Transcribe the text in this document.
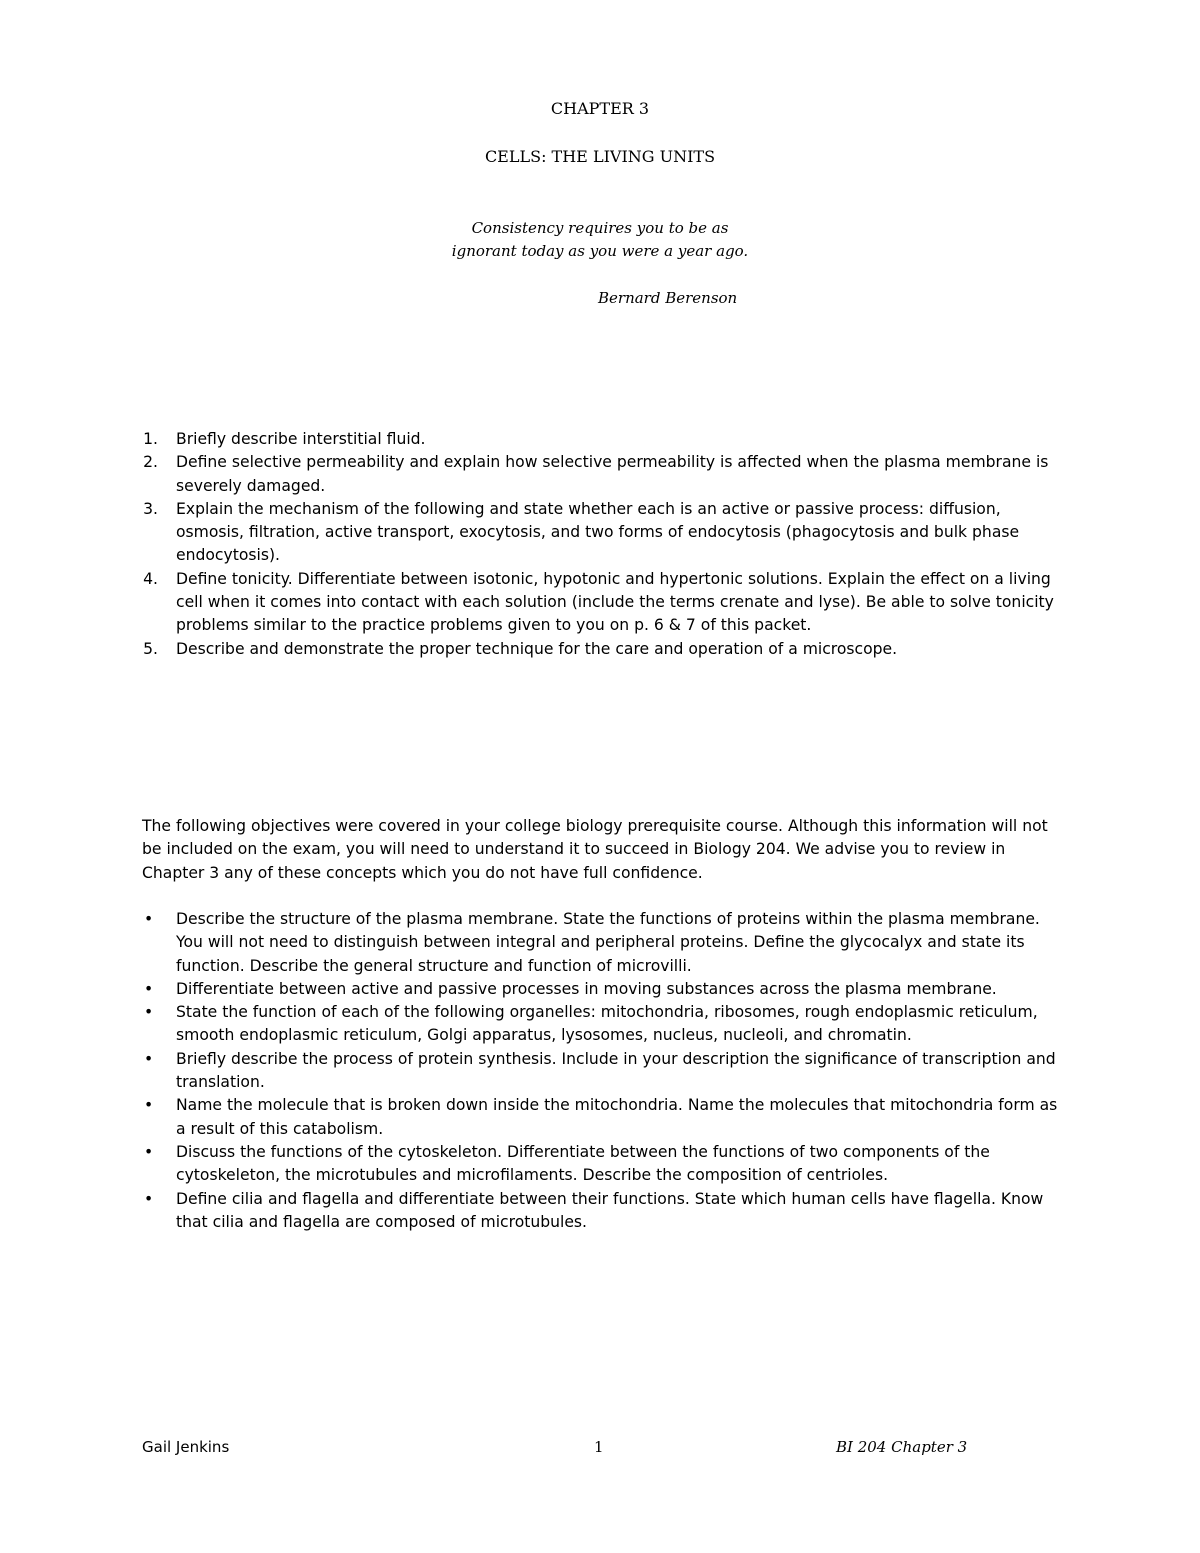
CHAPTER 3
CELLS: THE LIVING UNITS
Consistency requires you to be as
ignorant today as you were a year ago.
Bernard Berenson
1. Briefly describe interstitial fluid.
2. Define selective permeability and explain how selective permeability is affected when the plasma membrane is severely damaged.
3. Explain the mechanism of the following and state whether each is an active or passive process: diffusion, osmosis, filtration, active transport, exocytosis, and two forms of endocytosis (phagocytosis and bulk phase endocytosis).
4. Define tonicity. Differentiate between isotonic, hypotonic and hypertonic solutions. Explain the effect on a living cell when it comes into contact with each solution (include the terms crenate and lyse). Be able to solve tonicity problems similar to the practice problems given to you on p. 6 & 7 of this packet.
5. Describe and demonstrate the proper technique for the care and operation of a microscope.

The following objectives were covered in your college biology prerequisite course. Although this information will not be included on the exam, you will need to understand it to succeed in Biology 204. We advise you to review in Chapter 3 any of these concepts which you do not have full confidence.

• Describe the structure of the plasma membrane. State the functions of proteins within the plasma membrane. You will not need to distinguish between integral and peripheral proteins. Define the glycocalyx and state its function. Describe the general structure and function of microvilli.
• Differentiate between active and passive processes in moving substances across the plasma membrane.
• State the function of each of the following organelles: mitochondria, ribosomes, rough endoplasmic reticulum, smooth endoplasmic reticulum, Golgi apparatus, lysosomes, nucleus, nucleoli, and chromatin.
• Briefly describe the process of protein synthesis. Include in your description the significance of transcription and translation.
• Name the molecule that is broken down inside the mitochondria. Name the molecules that mitochondria form as a result of this catabolism.
• Discuss the functions of the cytoskeleton. Differentiate between the functions of two components of the cytoskeleton, the microtubules and microfilaments. Describe the composition of centrioles.
• Define cilia and flagella and differentiate between their functions. State which human cells have flagella. Know that cilia and flagella are composed of microtubules.
Gail Jenkins	1	BI 204 Chapter 3
